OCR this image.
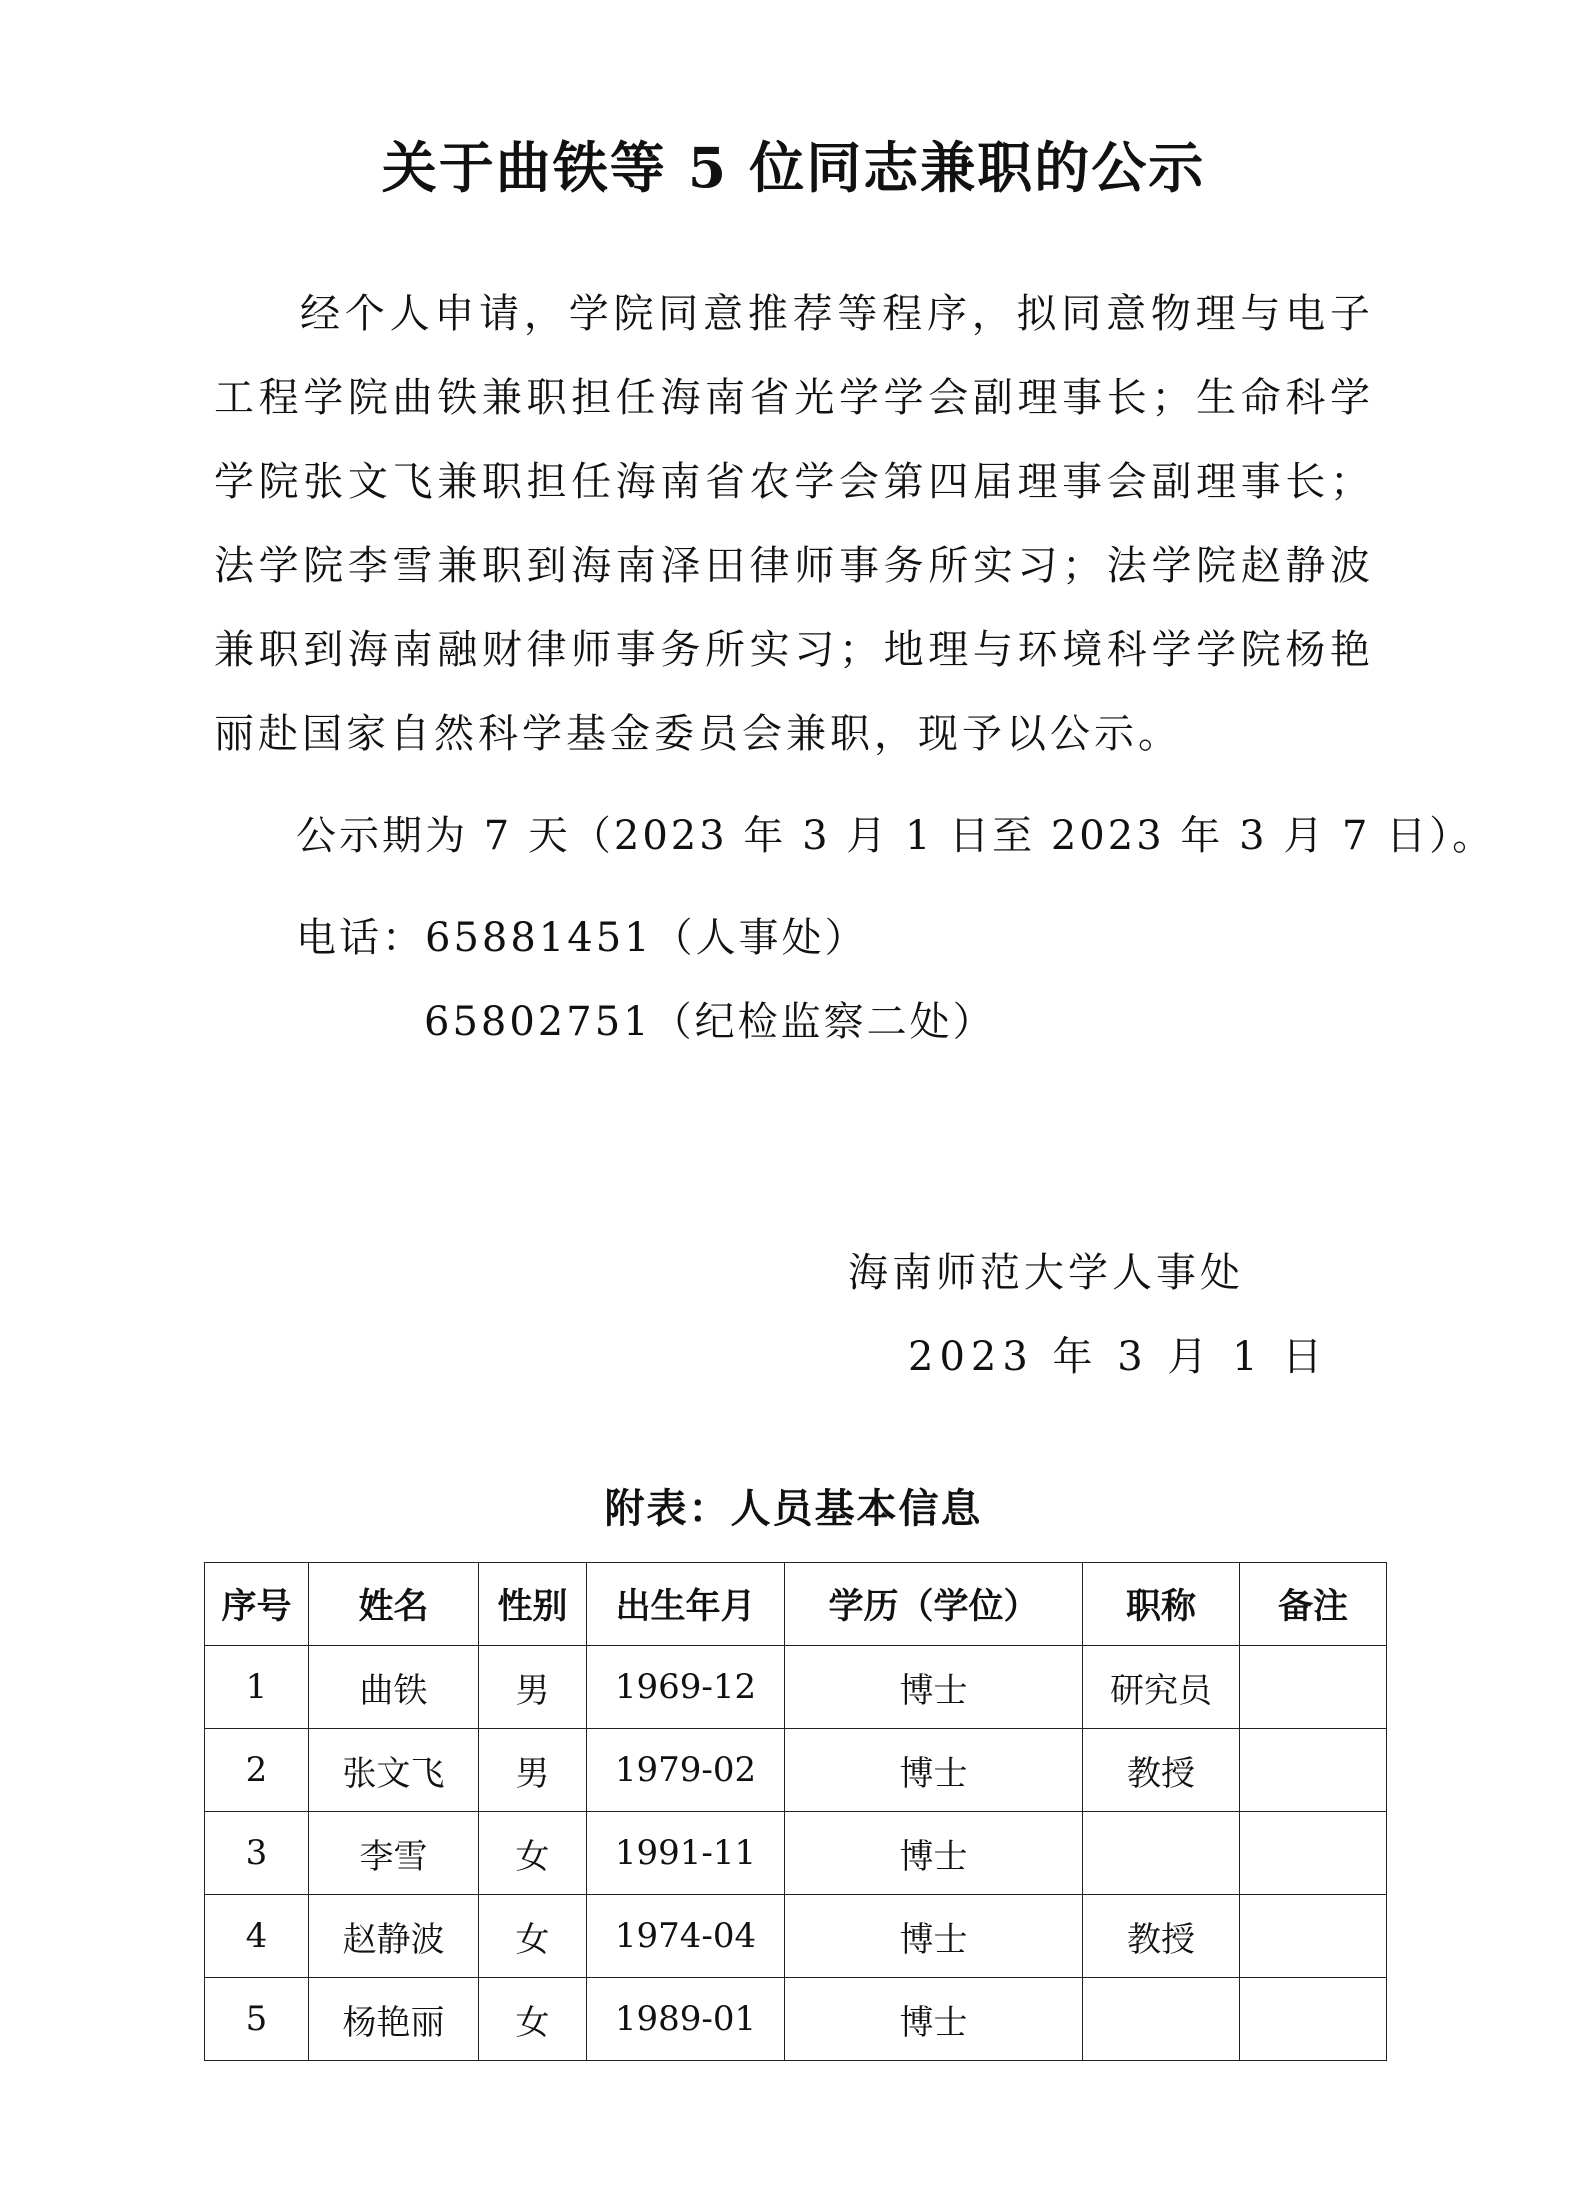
关于曲铁等 5 位同志兼职的公示

经个人申请，学院同意推荐等程序，拟同意物理与电子工程学院曲铁兼职担任海南省光学学会副理事长；生命科学学院张文飞兼职担任海南省农学会第四届理事会副理事长；法学院李雪兼职到海南泽田律师事务所实习；法学院赵静波兼职到海南融财律师事务所实习；地理与环境科学学院杨艳丽赴国家自然科学基金委员会兼职，现予以公示。

公示期为 7 天（2023 年 3 月 1 日至 2023 年 3 月 7 日）。

电话：65881451（人事处）

65802751（纪检监察二处）

海南师范大学人事处

2023 年 3 月 1 日

附表：人员基本信息

序号	姓名	性别	出生年月	学历（学位）	职称	备注
1	曲铁	男	1969-12	博士	研究员	
2	张文飞	男	1979-02	博士	教授	
3	李雪	女	1991-11	博士		
4	赵静波	女	1974-04	博士	教授	
5	杨艳丽	女	1989-01	博士		
